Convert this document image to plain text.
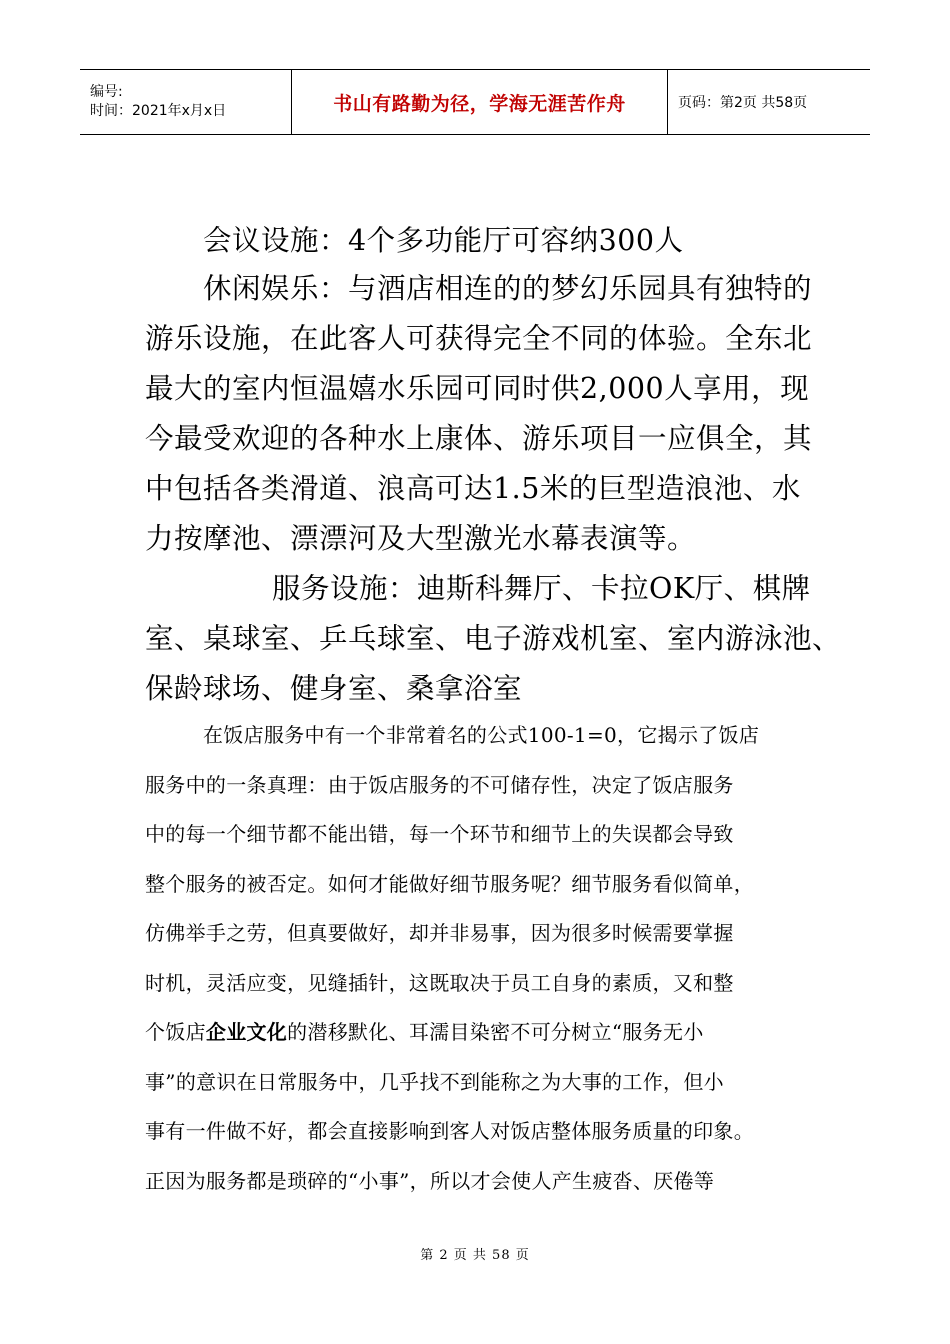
编号:
时间：2021年x月x日	书山有路勤为径，学海无涯苦作舟	页码：第2页 共58页
会议设施：4个多功能厅可容纳300人
休闲娱乐：与酒店相连的的梦幻乐园具有独特的
游乐设施，在此客人可获得完全不同的体验。全东北
最大的室内恒温嬉水乐园可同时供2,000人享用，现
今最受欢迎的各种水上康体、游乐项目一应俱全，其
中包括各类滑道、浪高可达1.5米的巨型造浪池、水
力按摩池、漂漂河及大型激光水幕表演等。
服务设施：迪斯科舞厅、卡拉OK厅、棋牌
室、桌球室、乒乓球室、电子游戏机室、室内游泳池、
保龄球场、健身室、桑拿浴室
在饭店服务中有一个非常着名的公式100-1=0，它揭示了饭店
服务中的一条真理：由于饭店服务的不可储存性，决定了饭店服务
中的每一个细节都不能出错，每一个环节和细节上的失误都会导致
整个服务的被否定。如何才能做好细节服务呢？细节服务看似简单，
仿佛举手之劳，但真要做好，却并非易事，因为很多时候需要掌握
时机，灵活应变，见缝插针，这既取决于员工自身的素质，又和整
个饭店企业文化的潜移默化、耳濡目染密不可分树立“服务无小
事”的意识在日常服务中，几乎找不到能称之为大事的工作，但小
事有一件做不好，都会直接影响到客人对饭店整体服务质量的印象。
正因为服务都是琐碎的“小事”，所以才会使人产生疲沓、厌倦等
第 2 页 共 58 页
